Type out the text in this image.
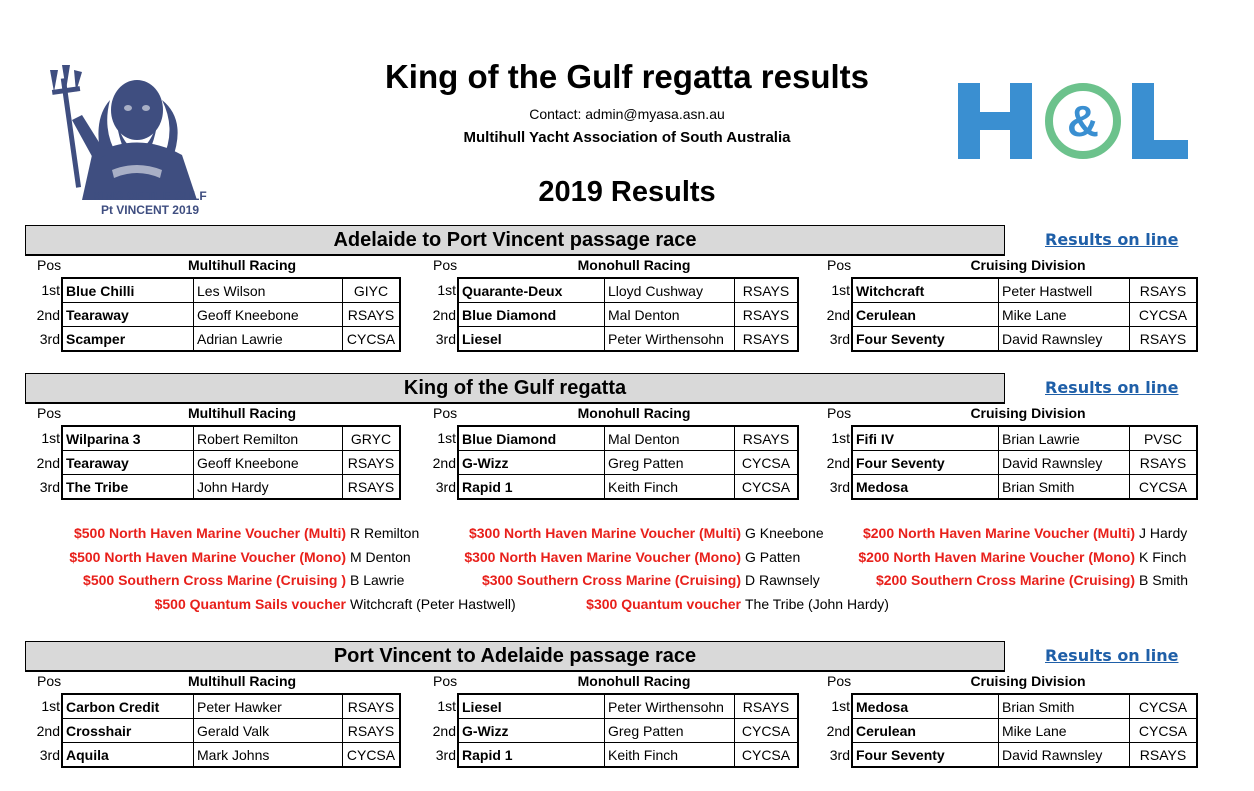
King of the Gulf regatta results
Contact: admin@myasa.asn.au
Multihull Yacht Association of South Australia
2019 Results
KING OF THE GULF
Pt VINCENT 2019
&
Adelaide to Port Vincent passage race	Results on line
Pos	Multihull Racing
1st	Blue Chilli	Les Wilson	GIYC
2nd	Tearaway	Geoff Kneebone	RSAYS
3rd	Scamper	Adrian Lawrie	CYCSA
Pos	Monohull Racing
1st	Quarante-Deux	Lloyd Cushway	RSAYS
2nd	Blue Diamond	Mal Denton	RSAYS
3rd	Liesel	Peter Wirthensohn	RSAYS
Pos	Cruising Division
1st	Witchcraft	Peter Hastwell	RSAYS
2nd	Cerulean	Mike Lane	CYCSA
3rd	Four Seventy	David Rawnsley	RSAYS
King of the Gulf regatta	Results on line
Pos	Multihull Racing
1st	Wilparina 3	Robert Remilton	GRYC
2nd	Tearaway	Geoff Kneebone	RSAYS
3rd	The Tribe	John Hardy	RSAYS
Pos	Monohull Racing
1st	Blue Diamond	Mal Denton	RSAYS
2nd	G-Wizz	Greg Patten	CYCSA
3rd	Rapid 1	Keith Finch	CYCSA
Pos	Cruising Division
1st	Fifi IV	Brian Lawrie	PVSC
2nd	Four Seventy	David Rawnsley	RSAYS
3rd	Medosa	Brian Smith	CYCSA
Port Vincent to Adelaide passage race	Results on line
Pos	Multihull Racing
1st	Carbon Credit	Peter Hawker	RSAYS
2nd	Crosshair	Gerald Valk	RSAYS
3rd	Aquila	Mark Johns	CYCSA
Pos	Monohull Racing
1st	Liesel	Peter Wirthensohn	RSAYS
2nd	G-Wizz	Greg Patten	CYCSA
3rd	Rapid 1	Keith Finch	CYCSA
Pos	Cruising Division
1st	Medosa	Brian Smith	CYCSA
2nd	Cerulean	Mike Lane	CYCSA
3rd	Four Seventy	David Rawnsley	RSAYS
$500 North Haven Marine Voucher (Multi) R Remilton
$500 North Haven Marine Voucher (Mono) M Denton
$500 Southern Cross Marine (Cruising ) B Lawrie
$500 Quantum Sails voucher Witchcraft (Peter Hastwell)
$300 North Haven Marine Voucher (Multi) G Kneebone
$300 North Haven Marine Voucher (Mono) G Patten
$300 Southern Cross Marine (Cruising) D Rawnsely
$300 Quantum voucher The Tribe (John Hardy)
$200 North Haven Marine Voucher (Multi) J Hardy
$200 North Haven Marine Voucher (Mono) K Finch
$200 Southern Cross Marine (Cruising) B Smith
